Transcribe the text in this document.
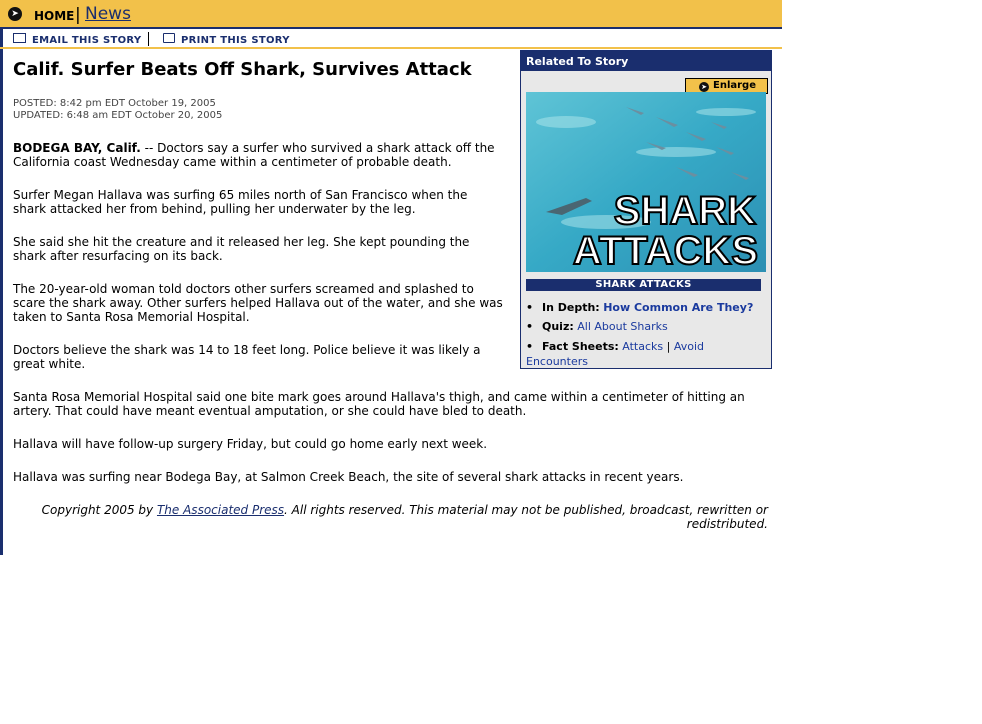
➤ HOME | News
EMAIL THIS STORY	PRINT THIS STORY
Calif. Surfer Beats Off Shark, Survives Attack
POSTED: 8:42 pm EDT October 19, 2005
UPDATED: 6:48 am EDT October 20, 2005

BODEGA BAY, Calif. -- Doctors say a surfer who survived a shark attack off the California coast Wednesday came within a centimeter of probable death.

Surfer Megan Hallava was surfing 65 miles north of San Francisco when the shark attacked her from behind, pulling her underwater by the leg.

She said she hit the creature and it released her leg. She kept pounding the shark after resurfacing on its back.

The 20-year-old woman told doctors other surfers screamed and splashed to scare the shark away. Other surfers helped Hallava out of the water, and she was taken to Santa Rosa Memorial Hospital.

Doctors believe the shark was 14 to 18 feet long. Police believe it was likely a great white.

Santa Rosa Memorial Hospital said one bite mark goes around Hallava's thigh, and came within a centimeter of hitting an artery. That could have meant eventual amputation, or she could have bled to death.

Hallava will have follow-up surgery Friday, but could go home early next week.

Hallava was surfing near Bodega Bay, at Salmon Creek Beach, the site of several shark attacks in recent years.

Copyright 2005 by The Associated Press. All rights reserved. This material may not be published, broadcast, rewritten or redistributed.
Related To Story
➤ Enlarge
SHARK
ATTACKS
SHARK ATTACKS
• In Depth: How Common Are They?
• Quiz: All About Sharks
• Fact Sheets: Attacks | Avoid Encounters
